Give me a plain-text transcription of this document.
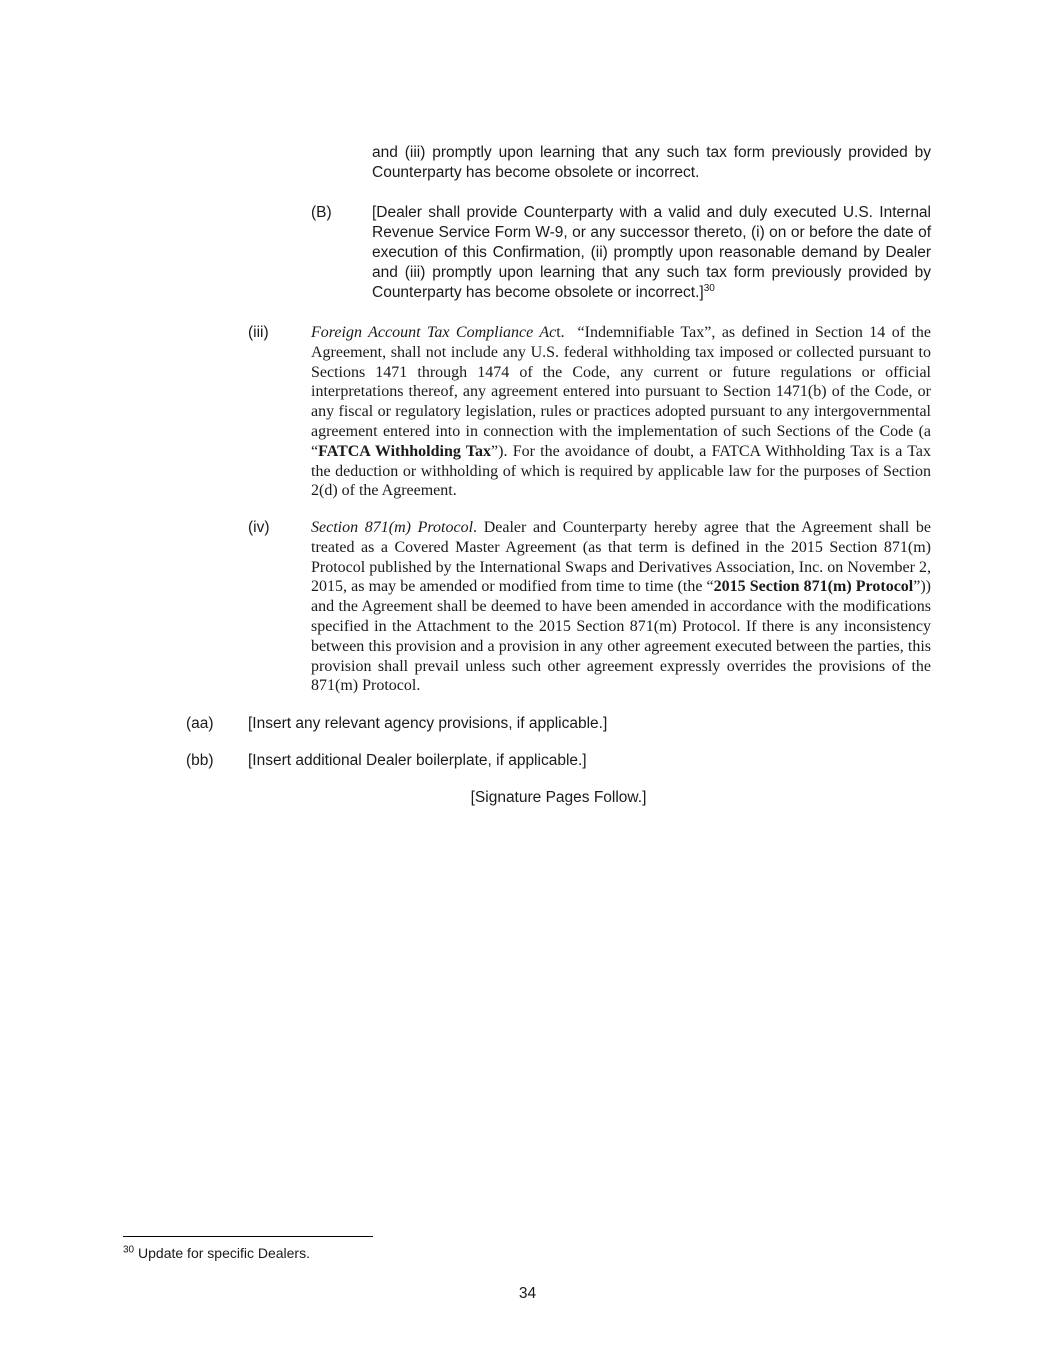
and (iii) promptly upon learning that any such tax form previously provided by Counterparty has become obsolete or incorrect.
(B)	[Dealer shall provide Counterparty with a valid and duly executed U.S. Internal Revenue Service Form W-9, or any successor thereto, (i) on or before the date of execution of this Confirmation, (ii) promptly upon reasonable demand by Dealer and (iii) promptly upon learning that any such tax form previously provided by Counterparty has become obsolete or incorrect.]$^{30}$
(iii)	Foreign Account Tax Compliance Act. “Indemnifiable Tax”, as defined in Section 14 of the Agreement, shall not include any U.S. federal withholding tax imposed or collected pursuant to Sections 1471 through 1474 of the Code, any current or future regulations or official interpretations thereof, any agreement entered into pursuant to Section 1471(b) of the Code, or any fiscal or regulatory legislation, rules or practices adopted pursuant to any intergovernmental agreement entered into in connection with the implementation of such Sections of the Code (a “FATCA Withholding Tax”). For the avoidance of doubt, a FATCA Withholding Tax is a Tax the deduction or withholding of which is required by applicable law for the purposes of Section 2(d) of the Agreement.
(iv)	Section 871(m) Protocol. Dealer and Counterparty hereby agree that the Agreement shall be treated as a Covered Master Agreement (as that term is defined in the 2015 Section 871(m) Protocol published by the International Swaps and Derivatives Association, Inc. on November 2, 2015, as may be amended or modified from time to time (the “2015 Section 871(m) Protocol”)) and the Agreement shall be deemed to have been amended in accordance with the modifications specified in the Attachment to the 2015 Section 871(m) Protocol. If there is any inconsistency between this provision and a provision in any other agreement executed between the parties, this provision shall prevail unless such other agreement expressly overrides the provisions of the 871(m) Protocol.
(aa) [Insert any relevant agency provisions, if applicable.]
(bb) [Insert additional Dealer boilerplate, if applicable.]
[Signature Pages Follow.]
$^{30}$ Update for specific Dealers.
34
